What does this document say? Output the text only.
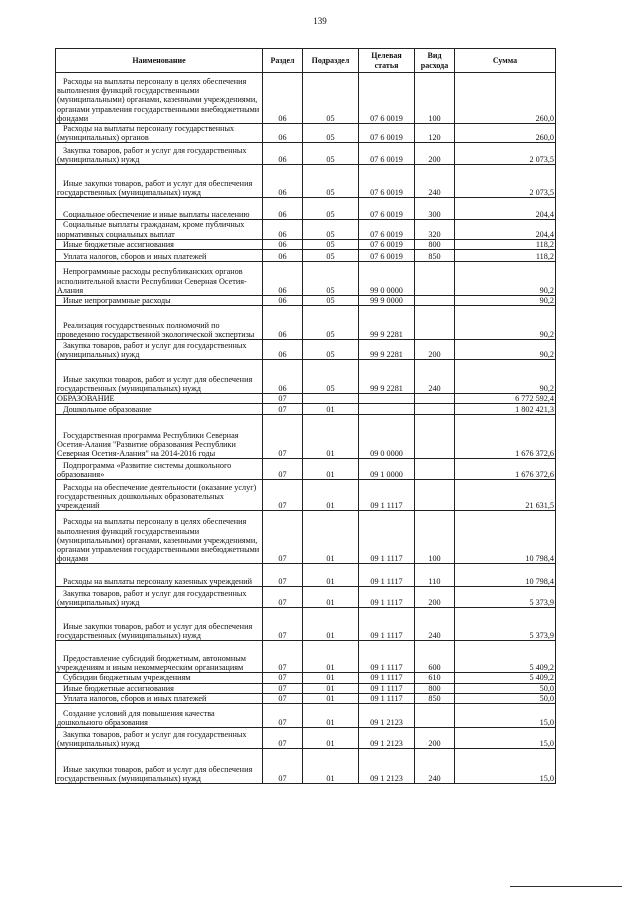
139
Наименование	Раздел	Подраздел	Целевая статья	Вид расхода	Сумма
Расходы на выплаты персоналу в целях обеспечения выполнения функций государственными (муниципальными) органами, казенными учреждениями, органами управления государственными внебюджетными фондами	06	05	07 6 0019	100	260,0
Расходы на выплаты персоналу государственных (муниципальных) органов	06	05	07 6 0019	120	260,0
Закупка товаров, работ и услуг для государственных (муниципальных) нужд	06	05	07 6 0019	200	2 073,5
Иные закупки товаров, работ и услуг для обеспечения государственных (муниципальных) нужд	06	05	07 6 0019	240	2 073,5
Социальное обеспечение и иные выплаты населению	06	05	07 6 0019	300	204,4
Социальные выплаты гражданам, кроме публичных нормативных социальных выплат	06	05	07 6 0019	320	204,4
Иные бюджетные ассигнования	06	05	07 6 0019	800	118,2
Уплата налогов, сборов и иных платежей	06	05	07 6 0019	850	118,2
Непрограммные расходы республиканских органов исполнительной власти Республики Северная Осетия-Алания	06	05	99 0 0000		90,2
Иные непрограммные расходы	06	05	99 9 0000		90,2
Реализация государственных полномочий по проведению государственной экологической экспертизы	06	05	99 9 2281		90,2
Закупка товаров, работ и услуг для государственных (муниципальных) нужд	06	05	99 9 2281	200	90,2
Иные закупки товаров, работ и услуг для обеспечения государственных (муниципальных) нужд	06	05	99 9 2281	240	90,2
ОБРАЗОВАНИЕ	07				6 772 592,4
Дошкольное образование	07	01			1 802 421,3
Государственная программа Республики Северная Осетия-Алания "Развитие образования Республики Северная Осетия-Алания" на 2014-2016 годы	07	01	09 0 0000		1 676 372,6
Подпрограмма «Развитие системы дошкольного образования»	07	01	09 1 0000		1 676 372,6
Расходы на обеспечение деятельности (оказание услуг) государственных дошкольных образовательных учреждений	07	01	09 1 1117		21 631,5
Расходы на выплаты персоналу в целях обеспечения выполнения функций государственными (муниципальными) органами, казенными учреждениями, органами управления государственными внебюджетными фондами	07	01	09 1 1117	100	10 798,4
Расходы на выплаты персоналу казенных учреждений	07	01	09 1 1117	110	10 798,4
Закупка товаров, работ и услуг для государственных (муниципальных) нужд	07	01	09 1 1117	200	5 373,9
Иные закупки товаров, работ и услуг для обеспечения государственных (муниципальных) нужд	07	01	09 1 1117	240	5 373,9
Предоставление субсидий бюджетным, автономным учреждениям и иным некоммерческим организациям	07	01	09 1 1117	600	5 409,2
Субсидии бюджетным учреждениям	07	01	09 1 1117	610	5 409,2
Иные бюджетные ассигнования	07	01	09 1 1117	800	50,0
Уплата налогов, сборов и иных платежей	07	01	09 1 1117	850	50,0
Создание условий для повышения качества дошкольного образования	07	01	09 1 2123		15,0
Закупка товаров, работ и услуг для государственных (муниципальных) нужд	07	01	09 1 2123	200	15,0
Иные закупки товаров, работ и услуг для обеспечения государственных (муниципальных) нужд	07	01	09 1 2123	240	15,0
